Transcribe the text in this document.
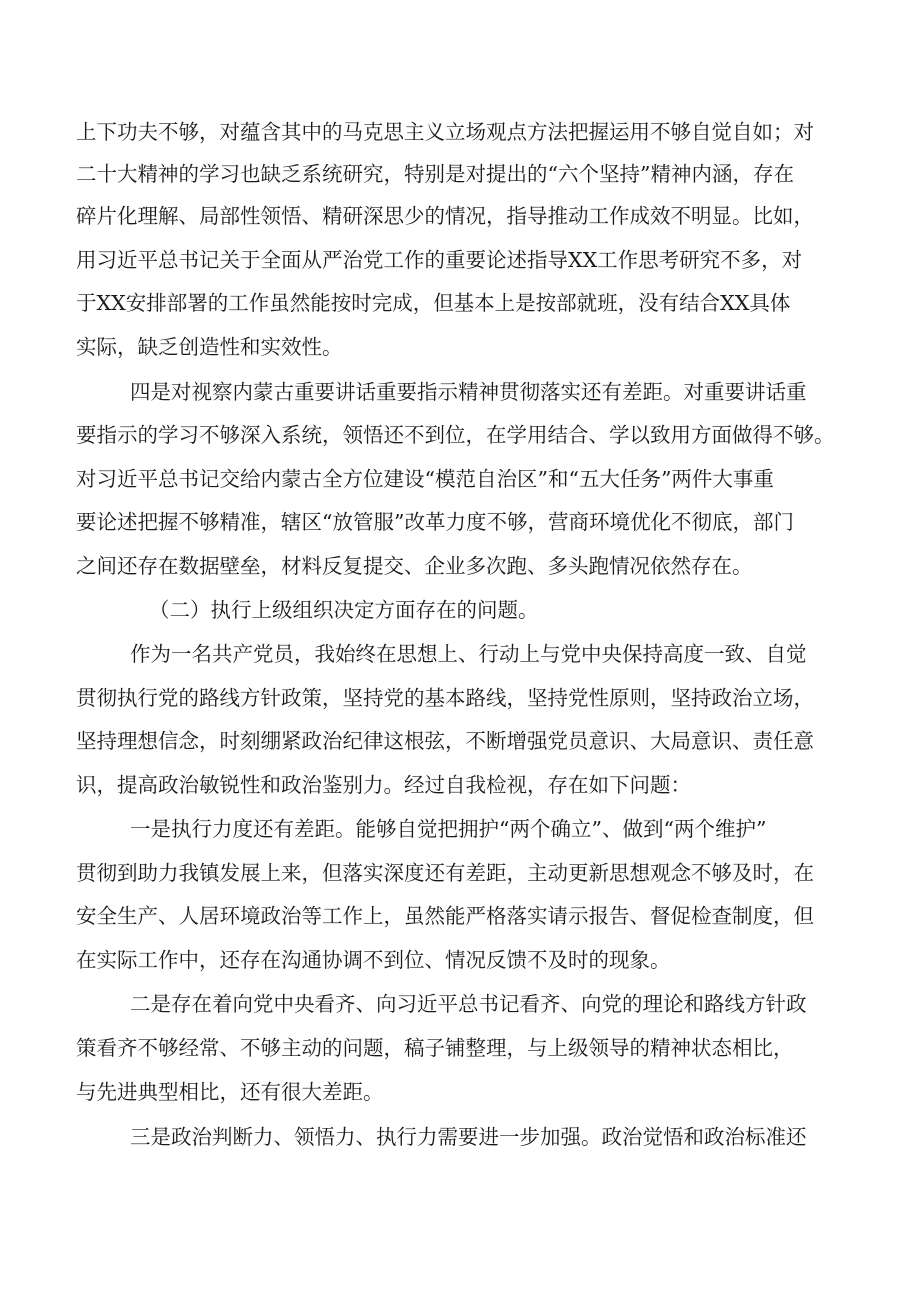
上下功夫不够，对蕴含其中的马克思主义立场观点方法把握运用不够自觉自如；对

二十大精神的学习也缺乏系统研究，特别是对提出的“六个坚持”精神内涵，存在

碎片化理解、局部性领悟、精研深思少的情况，指导推动工作成效不明显。比如，

用习近平总书记关于全面从严治党工作的重要论述指导XX工作思考研究不多，对

于XX安排部署的工作虽然能按时完成，但基本上是按部就班，没有结合XX具体

实际，缺乏创造性和实效性。

四是对视察内蒙古重要讲话重要指示精神贯彻落实还有差距。对重要讲话重

要指示的学习不够深入系统，领悟还不到位，在学用结合、学以致用方面做得不够。

对习近平总书记交给内蒙古全方位建设“模范自治区”和“五大任务”两件大事重

要论述把握不够精准，辖区“放管服”改革力度不够，营商环境优化不彻底，部门

之间还存在数据壁垒，材料反复提交、企业多次跑、多头跑情况依然存在。

（二）执行上级组织决定方面存在的问题。

作为一名共产党员，我始终在思想上、行动上与党中央保持高度一致、自觉

贯彻执行党的路线方针政策，坚持党的基本路线，坚持党性原则，坚持政治立场，

坚持理想信念，时刻绷紧政治纪律这根弦，不断增强党员意识、大局意识、责任意

识，提高政治敏锐性和政治鉴别力。经过自我检视，存在如下问题：

一是执行力度还有差距。能够自觉把拥护“两个确立”、做到“两个维护”

贯彻到助力我镇发展上来，但落实深度还有差距，主动更新思想观念不够及时，在

安全生产、人居环境政治等工作上，虽然能严格落实请示报告、督促检查制度，但

在实际工作中，还存在沟通协调不到位、情况反馈不及时的现象。

二是存在着向党中央看齐、向习近平总书记看齐、向党的理论和路线方针政

策看齐不够经常、不够主动的问题，稿子铺整理，与上级领导的精神状态相比，

与先进典型相比，还有很大差距。

三是政治判断力、领悟力、执行力需要进一步加强。政治觉悟和政治标准还
